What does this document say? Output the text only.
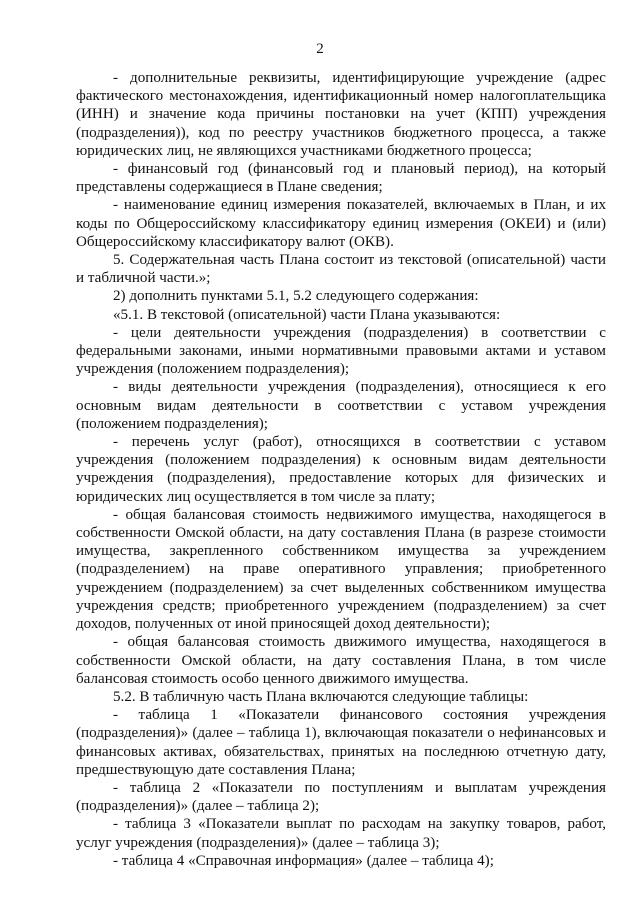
2

- дополнительные реквизиты, идентифицирующие учреждение (адрес фактического местонахождения, идентификационный номер налогоплательщика (ИНН) и значение кода причины постановки на учет (КПП) учреждения (подразделения)), код по реестру участников бюджетного процесса, а также юридических лиц, не являющихся участниками бюджетного процесса;

- финансовый год (финансовый год и плановый период), на который представлены содержащиеся в Плане сведения;

- наименование единиц измерения показателей, включаемых в План, и их коды по Общероссийскому классификатору единиц измерения (ОКЕИ) и (или) Общероссийскому классификатору валют (ОКВ).

5. Содержательная часть Плана состоит из текстовой (описательной) части и табличной части.»;

2) дополнить пунктами 5.1, 5.2 следующего содержания:

«5.1. В текстовой (описательной) части Плана указываются:

- цели деятельности учреждения (подразделения) в соответствии с федеральными законами, иными нормативными правовыми актами и уставом учреждения (положением подразделения);

- виды деятельности учреждения (подразделения), относящиеся к его основным видам деятельности в соответствии с уставом учреждения (положением подразделения);

- перечень услуг (работ), относящихся в соответствии с уставом учреждения (положением подразделения) к основным видам деятельности учреждения (подразделения), предоставление которых для физических и юридических лиц осуществляется в том числе за плату;

- общая балансовая стоимость недвижимого имущества, находящегося в собственности Омской области, на дату составления Плана (в разрезе стоимости имущества, закрепленного собственником имущества за учреждением (подразделением) на праве оперативного управления; приобретенного учреждением (подразделением) за счет выделенных собственником имущества учреждения средств; приобретенного учреждением (подразделением) за счет доходов, полученных от иной приносящей доход деятельности);

- общая балансовая стоимость движимого имущества, находящегося в собственности Омской области, на дату составления Плана, в том числе балансовая стоимость особо ценного движимого имущества.

5.2. В табличную часть Плана включаются следующие таблицы:

- таблица 1 «Показатели финансового состояния учреждения (подразделения)» (далее – таблица 1), включающая показатели о нефинансовых и финансовых активах, обязательствах, принятых на последнюю отчетную дату, предшествующую дате составления Плана;

- таблица 2 «Показатели по поступлениям и выплатам учреждения (подразделения)» (далее – таблица 2);

- таблица 3 «Показатели выплат по расходам на закупку товаров, работ, услуг учреждения (подразделения)» (далее – таблица 3);

- таблица 4 «Справочная информация» (далее – таблица 4);
